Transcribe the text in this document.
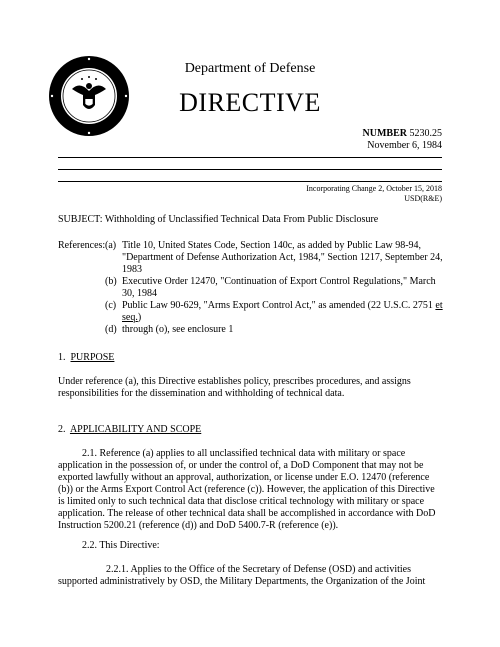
Department of Defense
DIRECTIVE
NUMBER 5230.25
November 6, 1984
Incorporating Change 2, October 15, 2018
USD(R&E)
SUBJECT: Withholding of Unclassified Technical Data From Public Disclosure
References: (a) Title 10, United States Code, Section 140c, as added by Public Law 98-94, "Department of Defense Authorization Act, 1984," Section 1217, September 24, 1983
(b) Executive Order 12470, "Continuation of Export Control Regulations," March 30, 1984
(c) Public Law 90-629, "Arms Export Control Act," as amended (22 U.S.C. 2751 et seq.)
(d) through (o), see enclosure 1
1. PURPOSE
Under reference (a), this Directive establishes policy, prescribes procedures, and assigns responsibilities for the dissemination and withholding of technical data.
2. APPLICABILITY AND SCOPE
2.1. Reference (a) applies to all unclassified technical data with military or space application in the possession of, or under the control of, a DoD Component that may not be exported lawfully without an approval, authorization, or license under E.O. 12470 (reference (b)) or the Arms Export Control Act (reference (c)). However, the application of this Directive is limited only to such technical data that disclose critical technology with military or space application. The release of other technical data shall be accomplished in accordance with DoD Instruction 5200.21 (reference (d)) and DoD 5400.7-R (reference (e)).
2.2. This Directive:
2.2.1. Applies to the Office of the Secretary of Defense (OSD) and activities supported administratively by OSD, the Military Departments, the Organization of the Joint
